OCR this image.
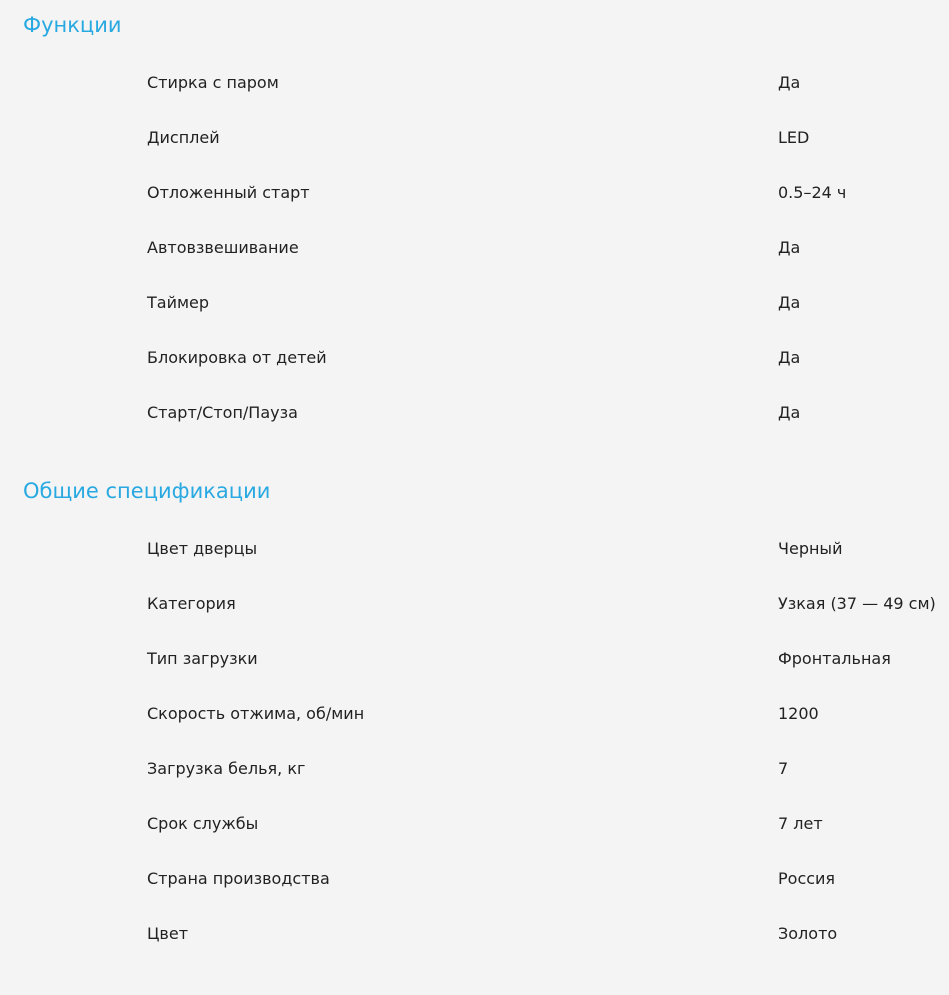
Функции
Стирка с паром	Да
Дисплей	LED
Отложенный старт	0.5–24 ч
Автовзвешивание	Да
Таймер	Да
Блокировка от детей	Да
Старт/Стоп/Пауза	Да
Общие спецификации
Цвет дверцы	Черный
Категория	Узкая (37 — 49 см)
Тип загрузки	Фронтальная
Скорость отжима, об/мин	1200
Загрузка белья, кг	7
Срок службы	7 лет
Страна производства	Россия
Цвет	Золото
